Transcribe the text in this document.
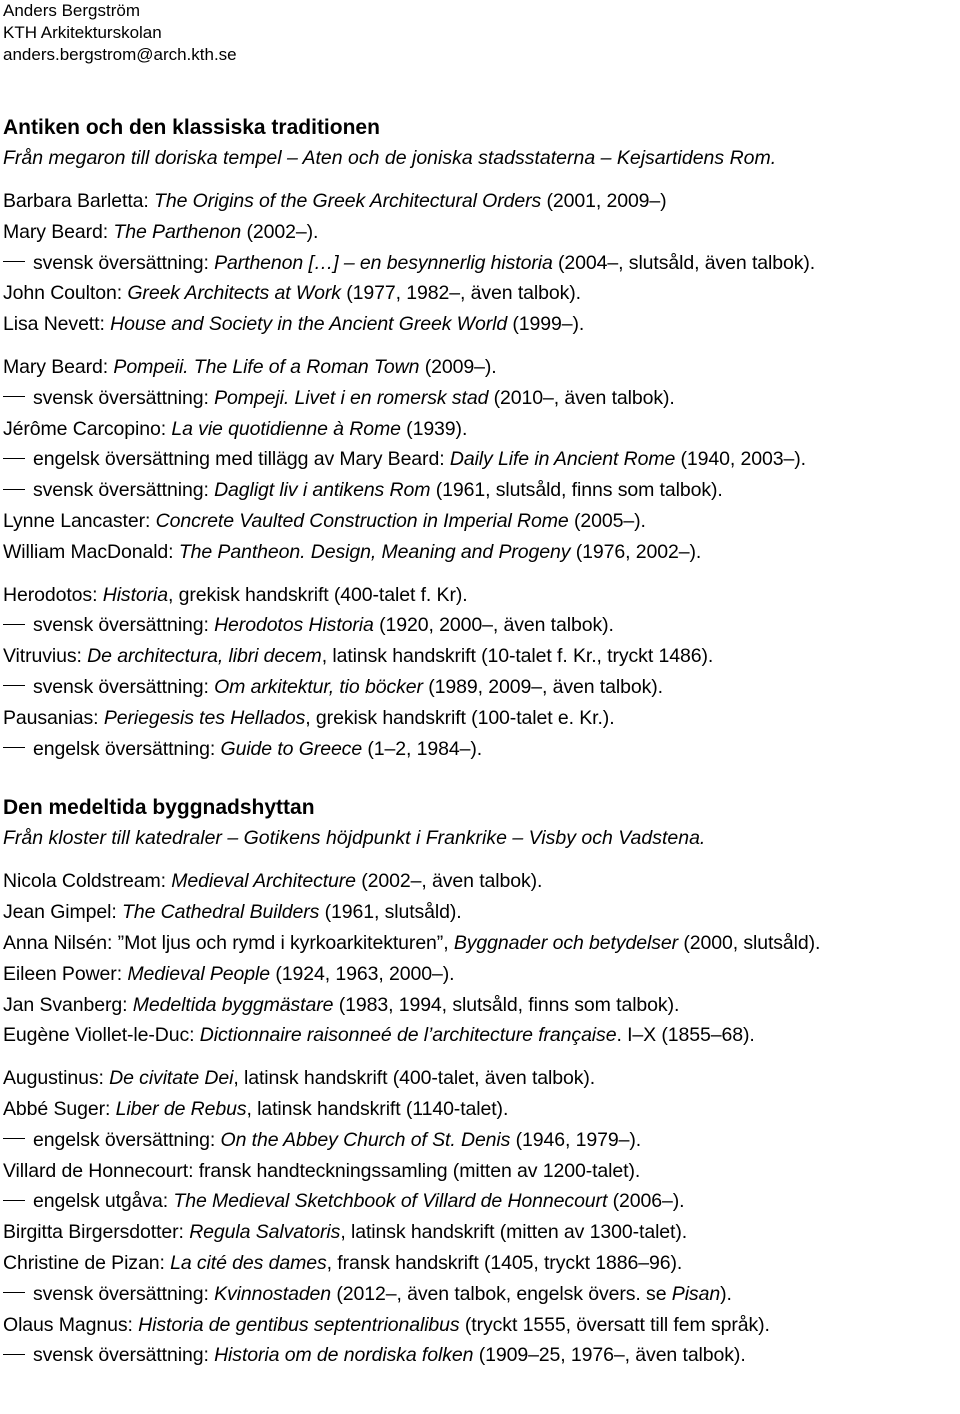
Anders Bergström
KTH Arkitekturskolan
anders.bergstrom@arch.kth.se
Antiken och den klassiska traditionen
Från megaron till doriska tempel – Aten och de joniska stadsstaterna – Kejsartidens Rom.
Barbara Barletta: The Origins of the Greek Architectural Orders (2001, 2009–)
Mary Beard: The Parthenon (2002–).
svensk översättning: Parthenon […] – en besynnerlig historia (2004–, slutsåld, även talbok).
John Coulton: Greek Architects at Work (1977, 1982–, även talbok).
Lisa Nevett: House and Society in the Ancient Greek World (1999–).
Mary Beard: Pompeii. The Life of a Roman Town (2009–).
svensk översättning: Pompeji. Livet i en romersk stad (2010–, även talbok).
Jérôme Carcopino: La vie quotidienne à Rome (1939).
engelsk översättning med tillägg av Mary Beard: Daily Life in Ancient Rome (1940, 2003–).
svensk översättning: Dagligt liv i antikens Rom (1961, slutsåld, finns som talbok).
Lynne Lancaster: Concrete Vaulted Construction in Imperial Rome (2005–).
William MacDonald: The Pantheon. Design, Meaning and Progeny (1976, 2002–).
Herodotos: Historia, grekisk handskrift (400-talet f. Kr).
svensk översättning: Herodotos Historia (1920, 2000–, även talbok).
Vitruvius: De architectura, libri decem, latinsk handskrift (10-talet f. Kr., tryckt 1486).
svensk översättning: Om arkitektur, tio böcker (1989, 2009–, även talbok).
Pausanias: Periegesis tes Hellados, grekisk handskrift (100-talet e. Kr.).
engelsk översättning: Guide to Greece (1–2, 1984–).
Den medeltida byggnadshyttan
Från kloster till katedraler – Gotikens höjdpunkt i Frankrike – Visby och Vadstena.
Nicola Coldstream: Medieval Architecture (2002–, även talbok).
Jean Gimpel: The Cathedral Builders (1961, slutsåld).
Anna Nilsén: ”Mot ljus och rymd i kyrkoarkitekturen”, Byggnader och betydelser (2000, slutsåld).
Eileen Power: Medieval People (1924, 1963, 2000–).
Jan Svanberg: Medeltida byggmästare (1983, 1994, slutsåld, finns som talbok).
Eugène Viollet-le-Duc: Dictionnaire raisonneé de l’architecture française. I–X (1855–68).
Augustinus: De civitate Dei, latinsk handskrift (400-talet, även talbok).
Abbé Suger: Liber de Rebus, latinsk handskrift (1140-talet).
engelsk översättning: On the Abbey Church of St. Denis (1946, 1979–).
Villard de Honnecourt: fransk handteckningssamling (mitten av 1200-talet).
engelsk utgåva: The Medieval Sketchbook of Villard de Honnecourt (2006–).
Birgitta Birgersdotter: Regula Salvatoris, latinsk handskrift (mitten av 1300-talet).
Christine de Pizan: La cité des dames, fransk handskrift (1405, tryckt 1886–96).
svensk översättning: Kvinnostaden (2012–, även talbok, engelsk övers. se Pisan).
Olaus Magnus: Historia de gentibus septentrionalibus (tryckt 1555, översatt till fem språk).
svensk översättning: Historia om de nordiska folken (1909–25, 1976–, även talbok).
